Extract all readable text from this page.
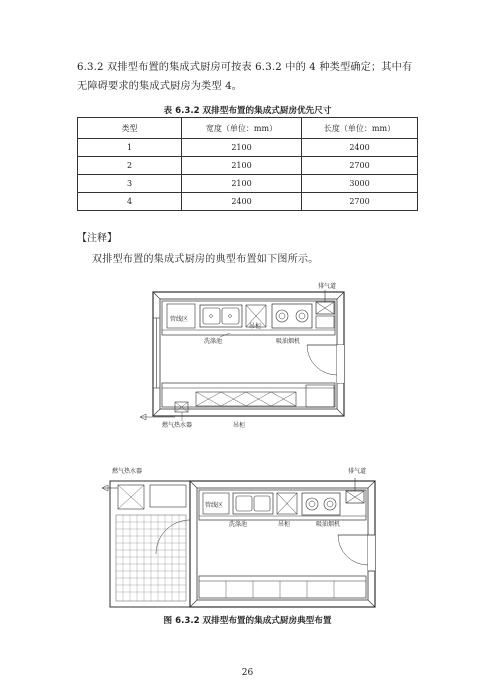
6.3.2 双排型布置的集成式厨房可按表 6.3.2 中的 4 种类型确定；其中有无障碍要求的集成式厨房为类型 4。
表 6.3.2 双排型布置的集成式厨房优先尺寸
类型	宽度（单位：mm）	长度（单位：mm）
1	2100	2400
2	2100	2700
3	2100	3000
4	2400	2700
【注释】
双排型布置的集成式厨房的典型布置如下图所示。
排气道
管线区
吊柜
洗涤池	吸油烟机
燃气热水器	吊柜
燃气热水器	排气道
管线区
洗涤池	吊柜	吸油烟机
图 6.3.2 双排型布置的集成式厨房典型布置
26
